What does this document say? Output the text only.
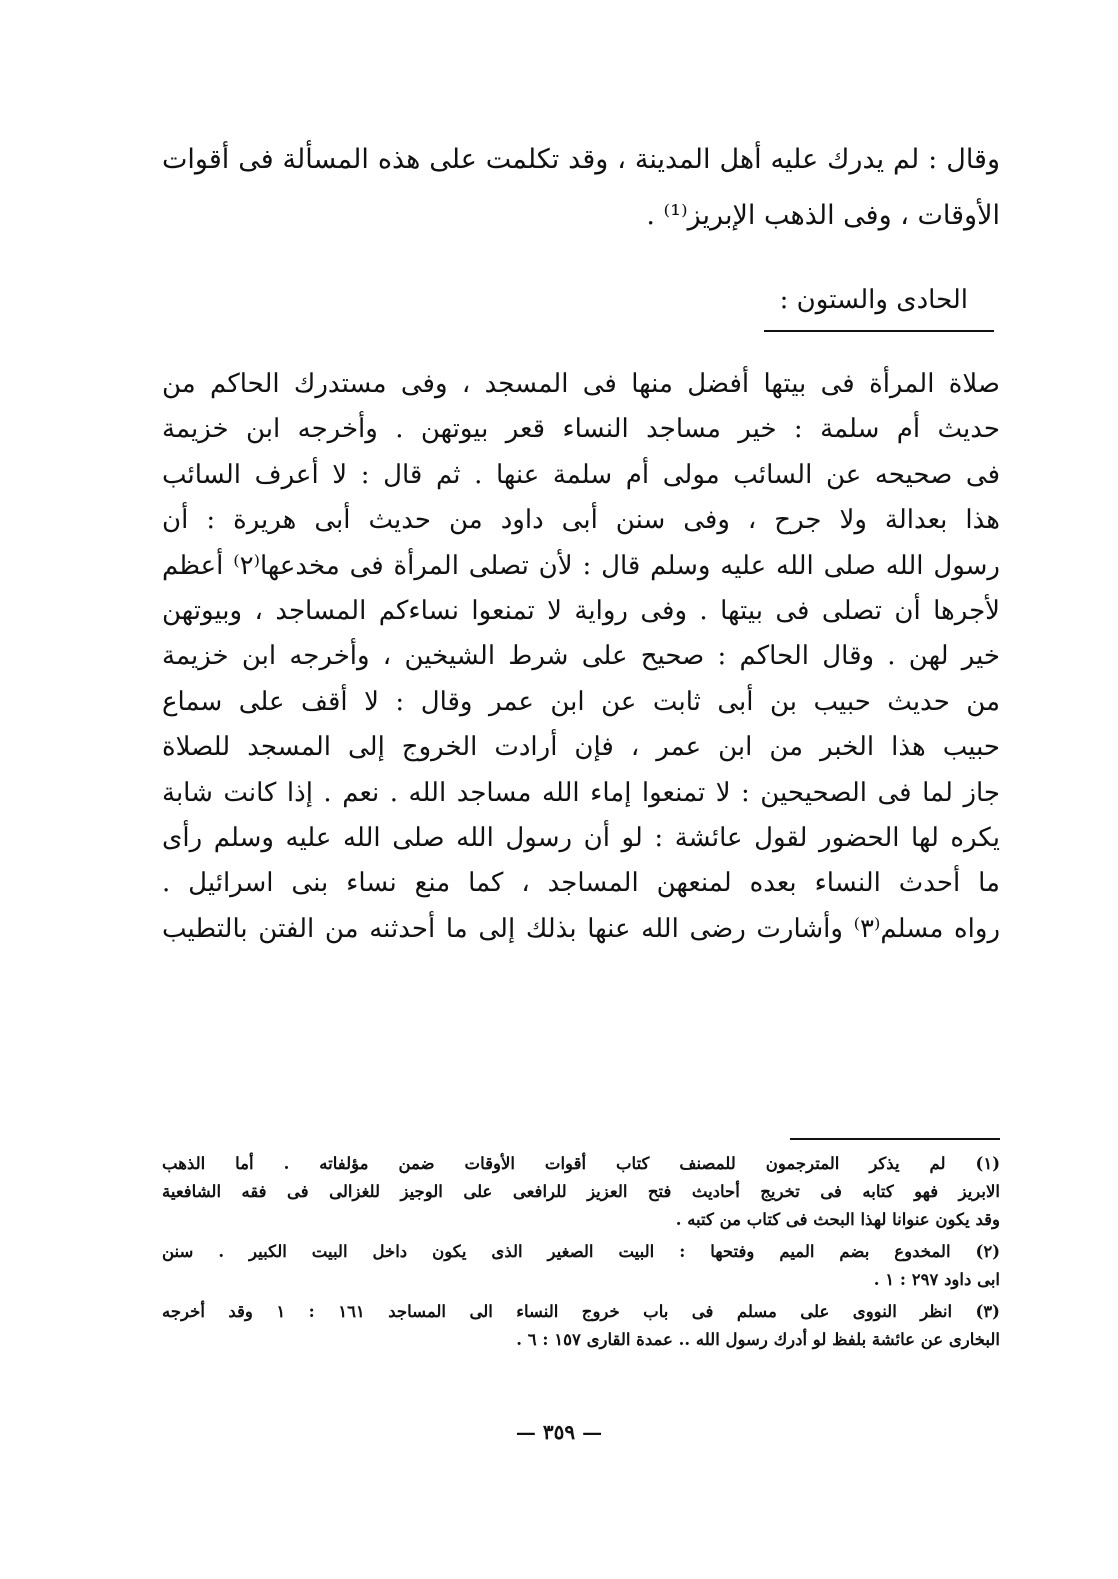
وقال : لم يدرك عليه أهل المدينة ، وقد تكلمت على هذه المسألة فى أقوات
الأوقات ، وفى الذهب الإبريز⁽¹⁾ .
الحادى والستون :
صلاة المرأة فى بيتها أفضل منها فى المسجد ، وفى مستدرك الحاكم من
حديث أم سلمة : خير مساجد النساء قعر بيوتهن . وأخرجه ابن خزيمة
فى صحيحه عن السائب مولى أم سلمة عنها . ثم قال : لا أعرف السائب
هذا بعدالة ولا جرح ، وفى سنن أبى داود من حديث أبى هريرة : أن
رسول الله صلى الله عليه وسلم قال : لأن تصلى المرأة فى مخدعها⁽٢⁾ أعظم
لأجرها أن تصلى فى بيتها . وفى رواية لا تمنعوا نساءكم المساجد ، وبيوتهن
خير لهن . وقال الحاكم : صحيح على شرط الشيخين ، وأخرجه ابن خزيمة
من حديث حبيب بن أبى ثابت عن ابن عمر وقال : لا أقف على سماع
حبيب هذا الخبر من ابن عمر ، فإن أرادت الخروج إلى المسجد للصلاة
جاز لما فى الصحيحين : لا تمنعوا إماء الله مساجد الله . نعم . إذا كانت شابة
يكره لها الحضور لقول عائشة : لو أن رسول الله صلى الله عليه وسلم رأى
ما أحدث النساء بعده لمنعهن المساجد ، كما منع نساء بنى اسرائيل .
رواه مسلم⁽٣⁾ وأشارت رضى الله عنها بذلك إلى ما أحدثنه من الفتن بالتطيب
(١) لم يذكر المترجمون للمصنف كتاب أقوات الأوقات ضمن مؤلفاته . أما الذهب
الابريز فهو كتابه فى تخريج أحاديث فتح العزيز للرافعى على الوجيز للغزالى فى فقه الشافعية
وقد يكون عنوانا لهذا البحث فى كتاب من كتبه .
(٢) المخدوع بضم الميم وفتحها : البيت الصغير الذى يكون داخل البيت الكبير . سنن
ابى داود ٢٩٧ : ١ .
(٣) انظر النووى على مسلم فى باب خروج النساء الى المساجد ١٦١ : ١ وقد أخرجه
البخارى عن عائشة بلفظ لو أدرك رسول الله .. عمدة القارى ١٥٧ : ٦ .
— ٣٥٩ —
